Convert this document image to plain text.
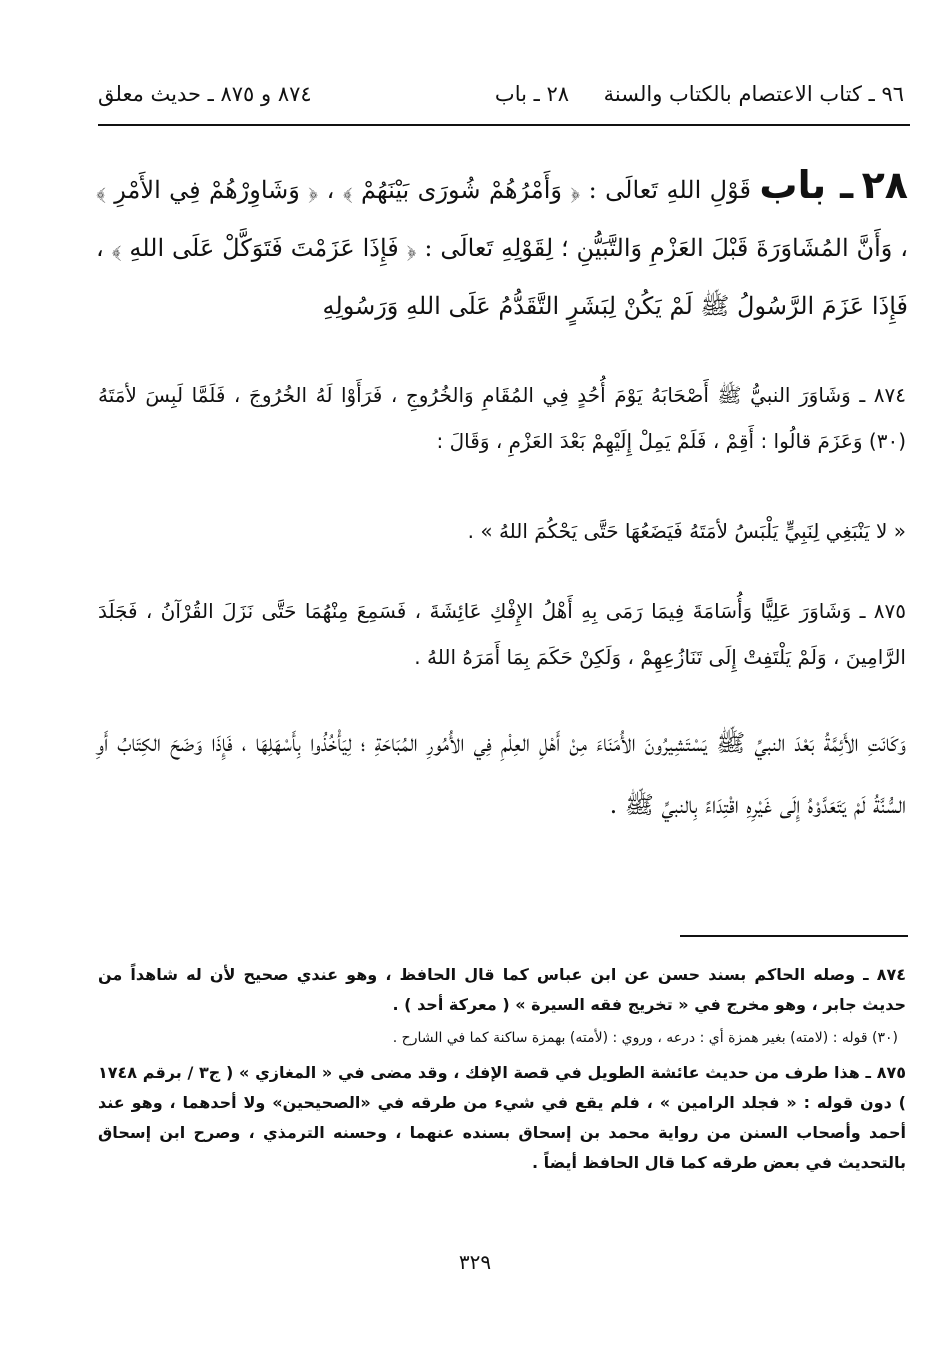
٩٦ ـ كتاب الاعتصام بالكتاب والسنة
٢٨ ـ باب
٨٧٤ و ٨٧٥ ـ حديث معلق
٢٨ ـ باب قَوْلِ اللهِ تَعالَى : ﴿ وَأَمْرُهُمْ شُورَى بَيْنَهُمْ ﴾ ، ﴿ وَشَاوِرْهُمْ فِي الأَمْرِ ﴾ ، وَأَنَّ المُشَاوَرَةَ قَبْلَ العَزْمِ وَالتَّبَيُّنِ ؛ لِقَوْلِهِ تَعالَى : ﴿ فَإِذَا عَزَمْتَ فَتَوَكَّلْ عَلَى اللهِ ﴾ ، فَإِذَا عَزَمَ الرَّسُولُ ﷺ لَمْ يَكُنْ لِبَشَرٍ التَّقَدُّمُ عَلَى اللهِ وَرَسُولِهِ
٨٧٤ ـ وَشَاوَرَ النبيُّ ﷺ أَصْحَابَهُ يَوْمَ أُحُدٍ فِي المُقَامِ وَالخُرُوجِ ، فَرَأَوْا لَهُ الخُرُوجَ ، فَلَمَّا لَبِسَ لأمَتَهُ (٣٠) وَعَزَمَ قالُوا : أَقِمْ ، فَلَمْ يَمِلْ إِلَيْهِمْ بَعْدَ العَزْمِ ، وَقَالَ :
« لا يَنْبَغِي لِنَبِيٍّ يَلْبَسُ لأمَتَهُ فَيَضَعُهَا حَتَّى يَحْكُمَ اللهُ » .
٨٧٥ ـ وَشَاوَرَ عَلِيًّا وَأُسَامَةَ فِيمَا رَمَى بِهِ أَهْلُ الإِفْكِ عَائِشَةَ ، فَسَمِعَ مِنْهُمَا حَتَّى نَزَلَ القُرْآنُ ، فَجَلَدَ الرَّامِينَ ، وَلَمْ يَلْتَفِتْ إِلَى تَنَازُعِهِمْ ، وَلَكِنْ حَكَمَ بِمَا أَمَرَهُ اللهُ .
وَكَانَتِ الأَئِمَّةُ بَعْدَ النبيِّ ﷺ يَسْتَشِيرُونَ الأُمَنَاءَ مِنْ أَهْلِ العِلْمِ فِي الأُمُورِ المُبَاحَةِ ؛ لِيَأْخُذُوا بِأَسْهَلِهَا ، فَإِذَا وَضَحَ الكِتَابُ أَوِ السُّنَّةُ لَمْ يَتَعَدَّوْهُ إِلَى غَيْرِهِ اقْتِدَاءً بِالنبيِّ ﷺ .
٨٧٤ ـ وصله الحاكم بسند حسن عن ابن عباس كما قال الحافظ ، وهو عندي صحيح لأن له شاهداً من حديث جابر ، وهو مخرج في « تخريج فقه السيرة » ( معركة أحد ) .
(٣٠) قوله : (لامته) بغير همزة أي : درعه ، وروي : (لأمته) بهمزة ساكنة كما في الشارح .
٨٧٥ ـ هذا طرف من حديث عائشة الطويل في قصة الإفك ، وقد مضى في « المغازي » ( ج٣ / برقم ١٧٤٨ ) دون قوله : « فجلد الرامين » ، فلم يقع في شيء من طرقه في «الصحيحين» ولا أحدهما ، وهو عند أحمد وأصحاب السنن من رواية محمد بن إسحاق بسنده عنهما ، وحسنه الترمذي ، وصرح ابن إسحاق بالتحديث في بعض طرقه كما قال الحافظ أيضاً .
٣٢٩
